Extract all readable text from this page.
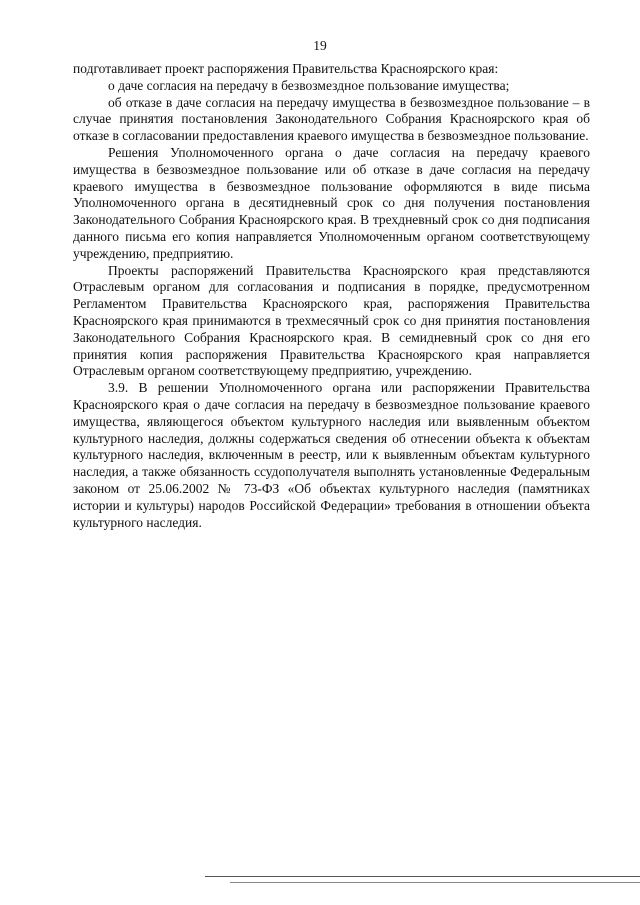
19

подготавливает проект распоряжения Правительства Красноярского края:

о даче согласия на передачу в безвозмездное пользование имущества;

об отказе в даче согласия на передачу имущества в безвозмездное пользование – в случае принятия постановления Законодательного Собрания Красноярского края об отказе в согласовании предоставления краевого имущества в безвозмездное пользование.

Решения Уполномоченного органа о даче согласия на передачу краевого имущества в безвозмездное пользование или об отказе в даче согласия на передачу краевого имущества в безвозмездное пользование оформляются в виде письма Уполномоченного органа в десятидневный срок со дня получения постановления Законодательного Собрания Красноярского края. В трехдневный срок со дня подписания данного письма его копия направляется Уполномоченным органом соответствующему учреждению, предприятию.

Проекты распоряжений Правительства Красноярского края представляются Отраслевым органом для согласования и подписания в порядке, предусмотренном Регламентом Правительства Красноярского края, распоряжения Правительства Красноярского края принимаются в трехмесячный срок со дня принятия постановления Законодательного Собрания Красноярского края. В семидневный срок со дня его принятия копия распоряжения Правительства Красноярского края направляется Отраслевым органом соответствующему предприятию, учреждению.

3.9. В решении Уполномоченного органа или распоряжении Правительства Красноярского края о даче согласия на передачу в безвозмездное пользование краевого имущества, являющегося объектом культурного наследия или выявленным объектом культурного наследия, должны содержаться сведения об отнесении объекта к объектам культурного наследия, включенным в реестр, или к выявленным объектам культурного наследия, а также обязанность ссудополучателя выполнять установленные Федеральным законом от 25.06.2002 № 73-ФЗ «Об объектах культурного наследия (памятниках истории и культуры) народов Российской Федерации» требования в отношении объекта культурного наследия.
